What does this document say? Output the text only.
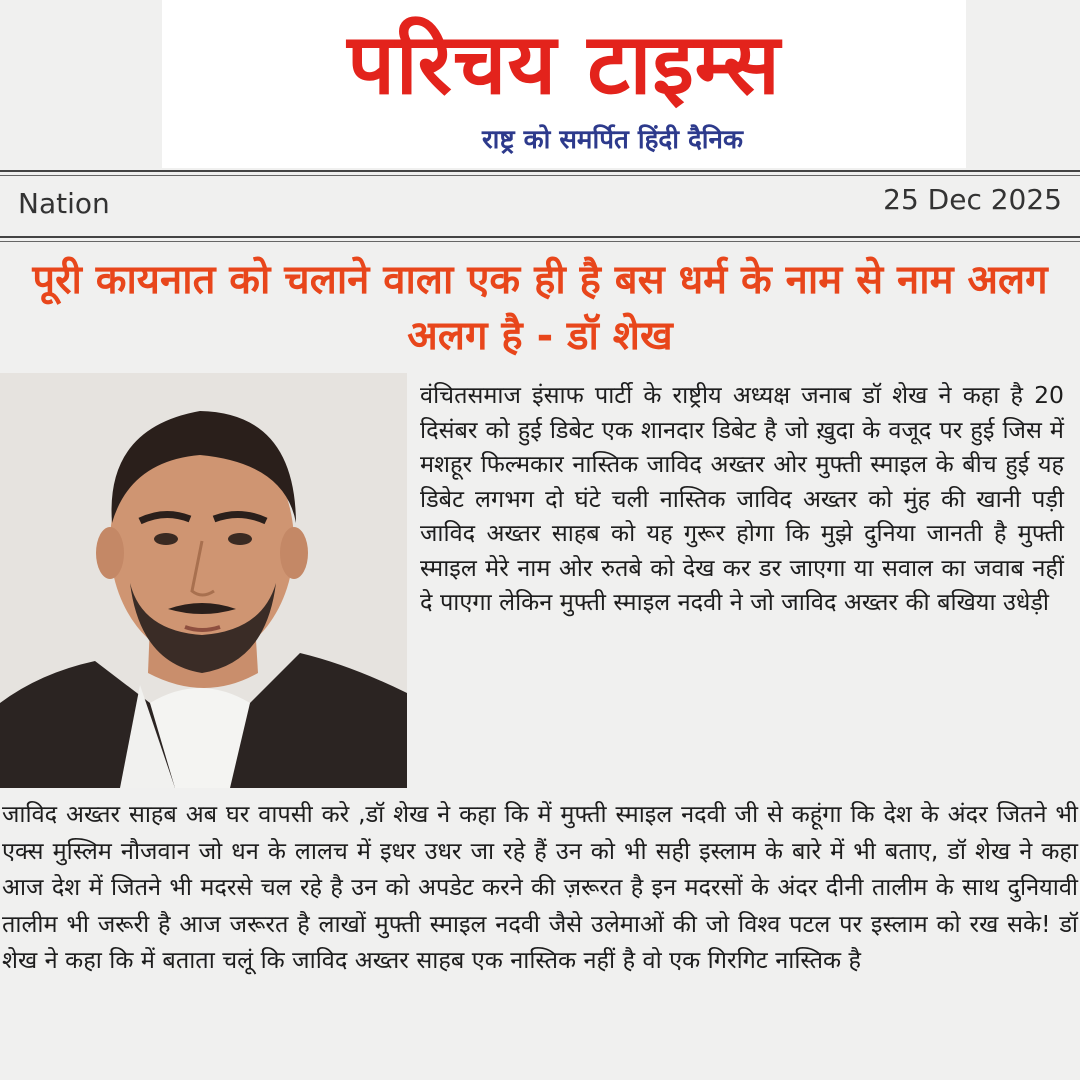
परिचय टाइम्स
राष्ट्र को समर्पित हिंदी दैनिक
Nation	25 Dec 2025
पूरी कायनात को चलाने वाला एक ही है बस धर्म के नाम से नाम अलग अलग है - डॉ शेख
वंचितसमाज इंसाफ पार्टी के राष्ट्रीय अध्यक्ष जनाब डॉ शेख ने कहा है 20 दिसंबर को हुई डिबेट एक शानदार डिबेट है जो ख़ुदा के वजूद पर हुई जिस में मशहूर फिल्मकार नास्तिक जाविद अख्तर ओर मुफ्ती स्माइल के बीच हुई यह डिबेट लगभग दो घंटे चली नास्तिक जाविद अख्तर को मुंह की खानी पड़ी जाविद अख्तर साहब को यह गुरूर होगा कि मुझे दुनिया जानती है मुफ्ती स्माइल मेरे नाम ओर रुतबे को देख कर डर जाएगा या सवाल का जवाब नहीं दे पाएगा लेकिन मुफ्ती स्माइल नदवी ने जो जाविद अख्तर की बखिया उधेड़ी
जाविद अख्तर साहब अब घर वापसी करे ,डॉ शेख ने कहा कि में मुफ्ती स्माइल नदवी जी से कहूंगा कि देश के अंदर जितने भी एक्स मुस्लिम नौजवान जो धन के लालच में इधर उधर जा रहे हैं उन को भी सही इस्लाम के बारे में भी बताए, डॉ शेख ने कहा आज देश में जितने भी मदरसे चल रहे है उन को अपडेट करने की ज़रूरत है इन मदरसों के अंदर दीनी तालीम के साथ दुनियावी तालीम भी जरूरी है आज जरूरत है लाखों मुफ्ती स्माइल नदवी जैसे उलेमाओं की जो विश्व पटल पर इस्लाम को रख सके! डॉ शेख ने कहा कि में बताता चलूं कि जाविद अख्तर साहब एक नास्तिक नहीं है वो एक गिरगिट नास्तिक है
